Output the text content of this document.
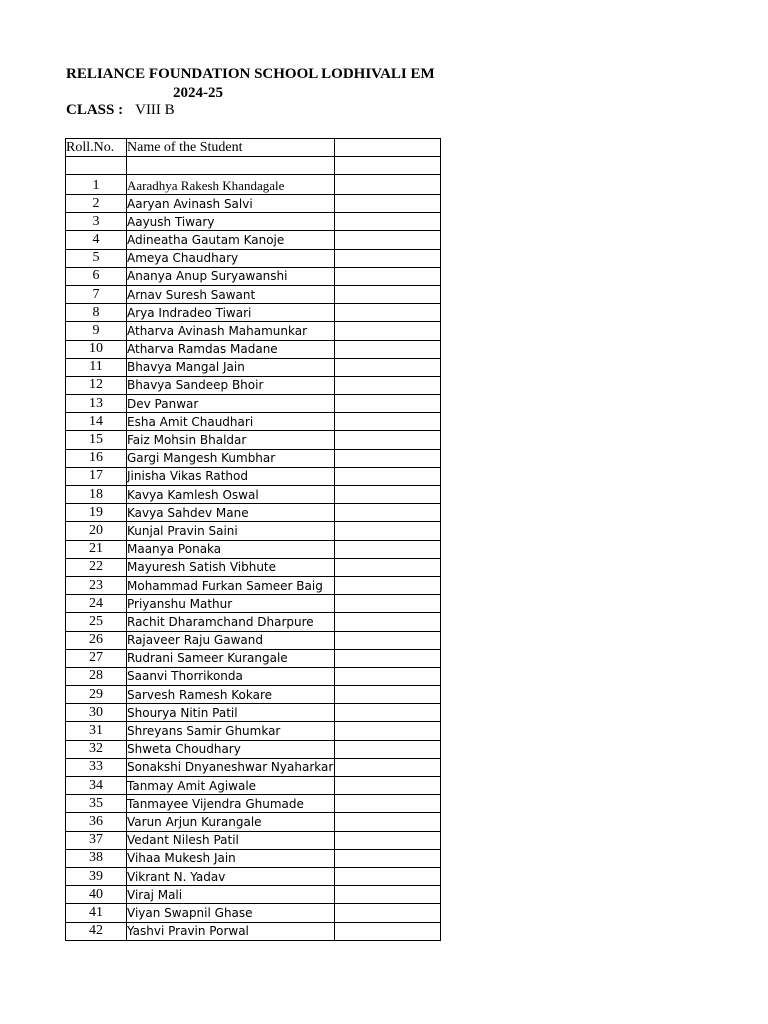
RELIANCE FOUNDATION SCHOOL LODHIVALI EM
2024-25
CLASS : VIII B
Roll.No.	Name of the Student	

1	Aaradhya Rakesh Khandagale	
2	Aaryan Avinash Salvi	
3	Aayush Tiwary	
4	Adineatha Gautam Kanoje	
5	Ameya Chaudhary	
6	Ananya Anup Suryawanshi	
7	Arnav Suresh Sawant	
8	Arya Indradeo Tiwari	
9	Atharva Avinash Mahamunkar	
10	Atharva Ramdas Madane	
11	Bhavya Mangal Jain	
12	Bhavya Sandeep Bhoir	
13	Dev Panwar	
14	Esha Amit Chaudhari	
15	Faiz Mohsin Bhaldar	
16	Gargi Mangesh Kumbhar	
17	Jinisha Vikas Rathod	
18	Kavya Kamlesh Oswal	
19	Kavya Sahdev Mane	
20	Kunjal Pravin Saini	
21	Maanya Ponaka	
22	Mayuresh Satish Vibhute	
23	Mohammad Furkan Sameer Baig	
24	Priyanshu Mathur	
25	Rachit Dharamchand Dharpure	
26	Rajaveer Raju Gawand	
27	Rudrani Sameer Kurangale	
28	Saanvi Thorrikonda	
29	Sarvesh Ramesh Kokare	
30	Shourya Nitin Patil	
31	Shreyans Samir Ghumkar	
32	Shweta Choudhary	
33	Sonakshi Dnyaneshwar Nyaharkar	
34	Tanmay Amit Agiwale	
35	Tanmayee Vijendra Ghumade	
36	Varun Arjun Kurangale	
37	Vedant Nilesh Patil	
38	Vihaa Mukesh Jain	
39	Vikrant N. Yadav	
40	Viraj Mali	
41	Viyan Swapnil Ghase	
42	Yashvi Pravin Porwal	
